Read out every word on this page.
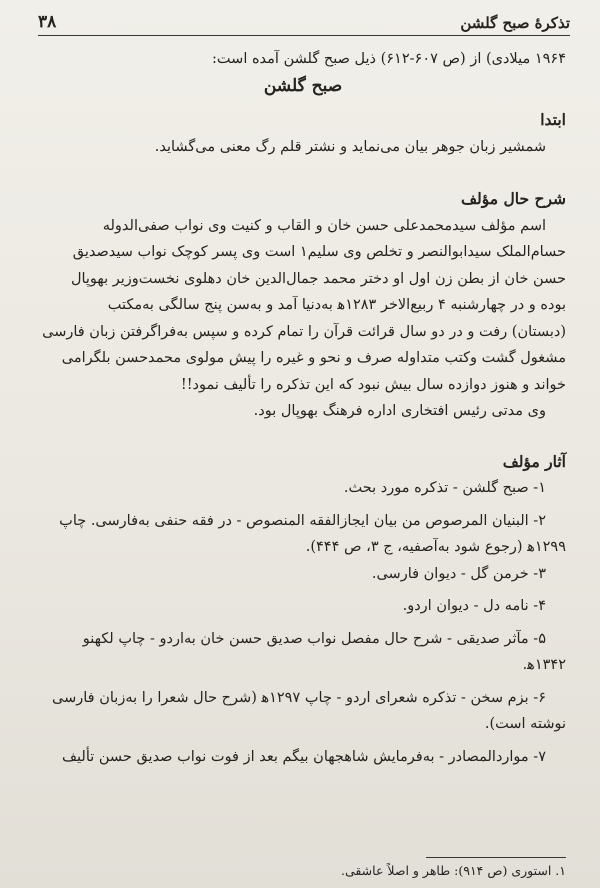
۳۸	تذکرهٔ صبح گلشن
۱۹۶۴ میلادی) از (ص ۶۰۷-۶۱۲) ذیل صبح گلشن آمده است:
صبح گلشن
ابتدا
شمشیر زبان جوهر بیان می‌نماید و نشتر قلم رگ معنی می‌گشاید.
شرح حال مؤلف
اسم مؤلف سیدمحمدعلی حسن خان و القاب و کنیت وی نواب صفی‌الدوله
حسام‌الملک سیدابوالنصر و تخلص وی سلیم۱ است وی پسر کوچک نواب سیدصدیق
حسن خان از بطن زن اول او دختر محمد جمال‌الدین خان دهلوی نخست‌وزیر بهوپال
بوده و در چهارشنبه ۴ ربیع‌الاخر ۱۲۸۳ه‍ به‌دنیا آمد و به‌سن پنج سالگی به‌مکتب
(دبستان) رفت و در دو سال قرائت قرآن را تمام کرده و سپس به‌فراگرفتن زبان فارسی
مشغول گشت وکتب متداوله صرف و نحو و غیره را پیش مولوی محمدحسن بلگرامی
خواند و هنوز دوازده سال بیش نبود که این تذکره را تألیف نمود!!
وی مدتی رئیس افتخاری اداره فرهنگ بهوپال بود.
آثار مؤلف
۱- صبح گلشن - تذکره مورد بحث.
۲- البنیان المرصوص من بیان ایجازالفقه المنصوص - در فقه حنفی به‌فارسی. چاپ
۱۲۹۹ه‍ (رجوع شود به‌آصفیه، ج ۳، ص ۴۴۴).
۳- خرمن گل - دیوان فارسی.
۴- نامه دل - دیوان اردو.
۵- مآثر صدیقی - شرح حال مفصل نواب صدیق حسن خان به‌اردو - چاپ لکهنو
۱۳۴۲ه‍.
۶- بزم سخن - تذکره شعرای اردو - چاپ ۱۲۹۷ه‍ (شرح حال شعرا را به‌زبان فارسی
نوشته است).
۷- مواردالمصادر - به‌فرمایش شاهجهان بیگم بعد از فوت نواب صدیق حسن تألیف
۱. استوری (ص ۹۱۴): طاهر و اصلاً عاشقی.
